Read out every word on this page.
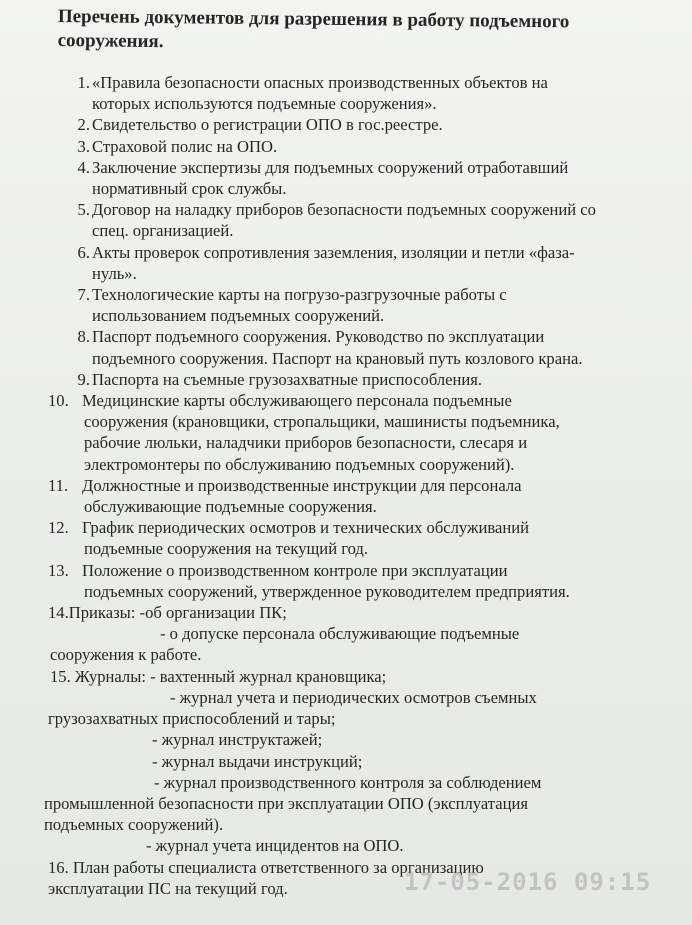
Перечень документов для разрешения в работу подъемного
сооружения.
1. «Правила безопасности опасных производственных объектов на
которых используются подъемные сооружения».
2. Свидетельство о регистрации ОПО в гос.реестре.
3. Страховой полис на ОПО.
4. Заключение экспертизы для подъемных сооружений отработавший
нормативный срок службы.
5. Договор на наладку приборов безопасности подъемных сооружений со
спец. организацией.
6. Акты проверок сопротивления заземления, изоляции и петли «фаза-
нуль».
7. Технологические карты на погрузо-разгрузочные работы с
использованием подъемных сооружений.
8. Паспорт подъемного сооружения. Руководство по эксплуатации
подъемного сооружения. Паспорт на крановый путь козлового крана.
9. Паспорта на съемные грузозахватные приспособления.
10. Медицинские карты обслуживающего персонала подъемные
сооружения (крановщики, стропальщики, машинисты подъемника,
рабочие люльки, наладчики приборов безопасности, слесаря и
электромонтеры по обслуживанию подъемных сооружений).
11. Должностные и производственные инструкции для персонала
обслуживающие подъемные сооружения.
12. График периодических осмотров и технических обслуживаний
подъемные сооружения на текущий год.
13. Положение о производственном контроле при эксплуатации
подъемных сооружений, утвержденное руководителем предприятия.
14.Приказы: -об организации ПК;
- о допуске персонала обслуживающие подъемные
сооружения к работе.
15. Журналы: - вахтенный журнал крановщика;
- журнал учета и периодических осмотров съемных
грузозахватных приспособлений и тары;
- журнал инструктажей;
- журнал выдачи инструкций;
- журнал производственного контроля за соблюдением
промышленной безопасности при эксплуатации ОПО (эксплуатация
подъемных сооружений).
- журнал учета инцидентов на ОПО.
16. План работы специалиста ответственного за организацию
эксплуатации ПС на текущий год.	17-05-2016 09:15
